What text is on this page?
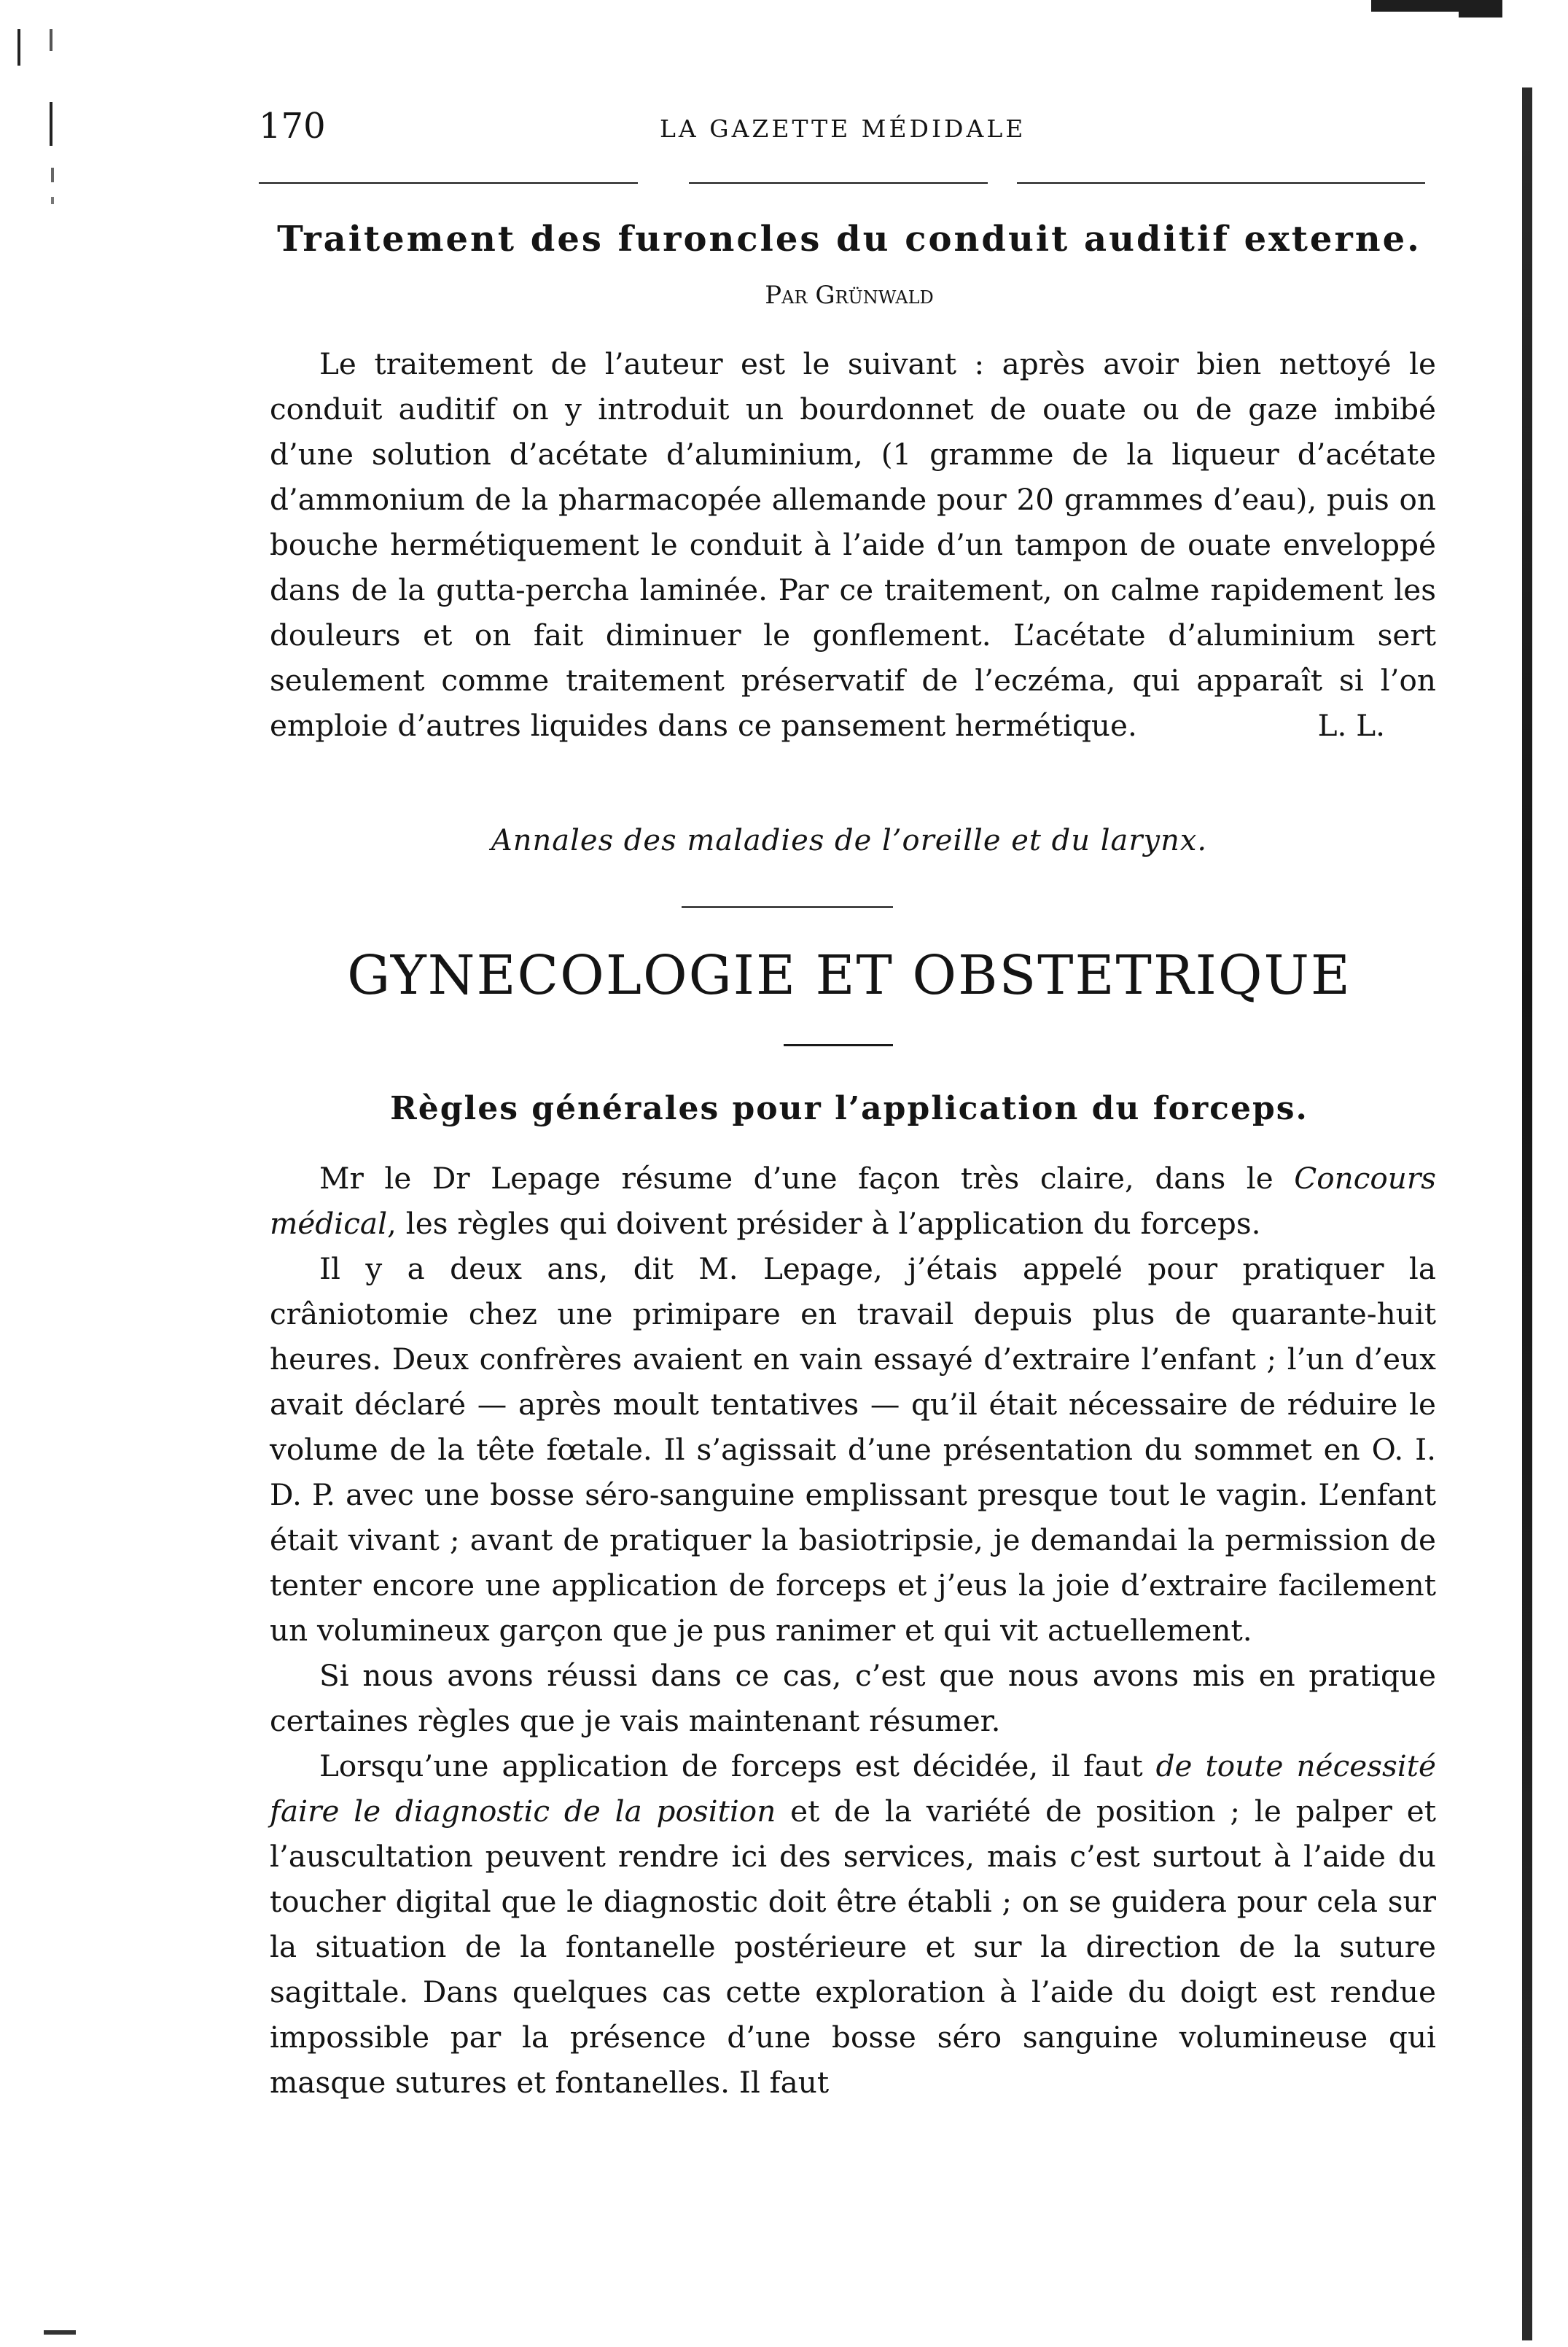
170	LA GAZETTE MÉDIDALE
Traitement des furoncles du conduit auditif externe.
Par Grünwald

Le traitement de l’auteur est le suivant : après avoir bien nettoyé le conduit auditif on y introduit un bourdonnet de ouate ou de gaze imbibé d’une solution d’acétate d’aluminium, (1 gramme de la liqueur d’acétate d’ammonium de la pharmacopée allemande pour 20 grammes d’eau), puis on bouche hermétiquement le conduit à l’aide d’un tampon de ouate enveloppé dans de la gutta-percha laminée. Par ce traitement, on calme rapidement les douleurs et on fait diminuer le gonflement. L’acétate d’aluminium sert seulement comme traitement préservatif de l’eczéma, qui apparaît si l’on emploie d’autres liquides dans ce pansement hermétique.	L. L.

Annales des maladies de l’oreille et du larynx.
GYNECOLOGIE ET OBSTETRIQUE
Règles générales pour l’application du forceps.

Mr le Dr Lepage résume d’une façon très claire, dans le Concours médical, les règles qui doivent présider à l’application du forceps.

Il y a deux ans, dit M. Lepage, j’étais appelé pour pratiquer la crâniotomie chez une primipare en travail depuis plus de quarante-huit heures. Deux confrères avaient en vain essayé d’extraire l’enfant ; l’un d’eux avait déclaré — après moult tentatives — qu’il était nécessaire de réduire le volume de la tête fœtale. Il s’agissait d’une présentation du sommet en O. I. D. P. avec une bosse séro-sanguine emplissant presque tout le vagin. L’enfant était vivant ; avant de pratiquer la basiotripsie, je demandai la permission de tenter encore une application de forceps et j’eus la joie d’extraire facilement un volumineux garçon que je pus ranimer et qui vit actuellement.

Si nous avons réussi dans ce cas, c’est que nous avons mis en pratique certaines règles que je vais maintenant résumer.

Lorsqu’une application de forceps est décidée, il faut de toute nécessité faire le diagnostic de la position et de la variété de position ; le palper et l’auscultation peuvent rendre ici des services, mais c’est surtout à l’aide du toucher digital que le diagnostic doit être établi ; on se guidera pour cela sur la situation de la fontanelle postérieure et sur la direction de la suture sagittale. Dans quelques cas cette exploration à l’aide du doigt est rendue impossible par la présence d’une bosse séro sanguine volumineuse qui masque sutures et fontanelles. Il faut
